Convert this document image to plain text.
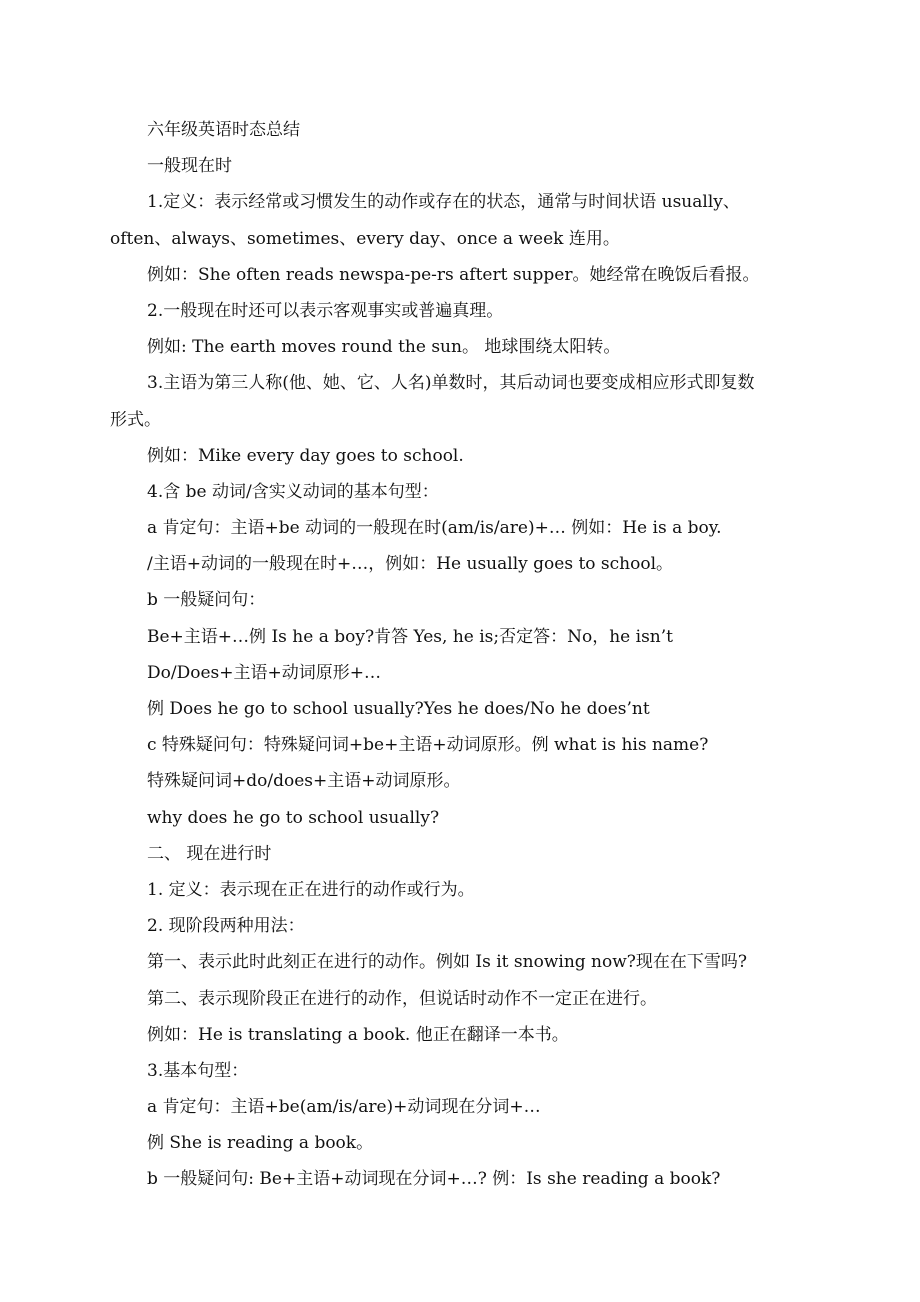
六年级英语时态总结
一般现在时
1.定义：表示经常或习惯发生的动作或存在的状态，通常与时间状语 usually、
often、always、sometimes、every day、once a week 连用。
例如：She often reads newspa-pe-rs aftert supper。她经常在晚饭后看报。
2.一般现在时还可以表示客观事实或普遍真理。
例如: The earth moves round the sun。 地球围绕太阳转。
3.主语为第三人称(他、她、它、人名)单数时，其后动词也要变成相应形式即复数
形式。
例如：Mike every day goes to school.
4.含 be 动词/含实义动词的基本句型：
a 肯定句：主语+be 动词的一般现在时(am/is/are)+… 例如：He is a boy.
/主语+动词的一般现在时+…，例如：He usually goes to school。
b 一般疑问句：
Be+主语+…例 Is he a boy?肯答 Yes, he is;否定答：No，he isn’t
Do/Does+主语+动词原形+…
例 Does he go to school usually?Yes he does/No he does’nt
c 特殊疑问句：特殊疑问词+be+主语+动词原形。例 what is his name?
特殊疑问词+do/does+主语+动词原形。
why does he go to school usually?
二、 现在进行时
1. 定义：表示现在正在进行的动作或行为。
2. 现阶段两种用法：
第一、表示此时此刻正在进行的动作。例如 Is it snowing now?现在在下雪吗?
第二、表示现阶段正在进行的动作，但说话时动作不一定正在进行。
例如：He is translating a book. 他正在翻译一本书。
3.基本句型：
a 肯定句：主语+be(am/is/are)+动词现在分词+…
例 She is reading a book。
b 一般疑问句: Be+主语+动词现在分词+…? 例：Is she reading a book?
